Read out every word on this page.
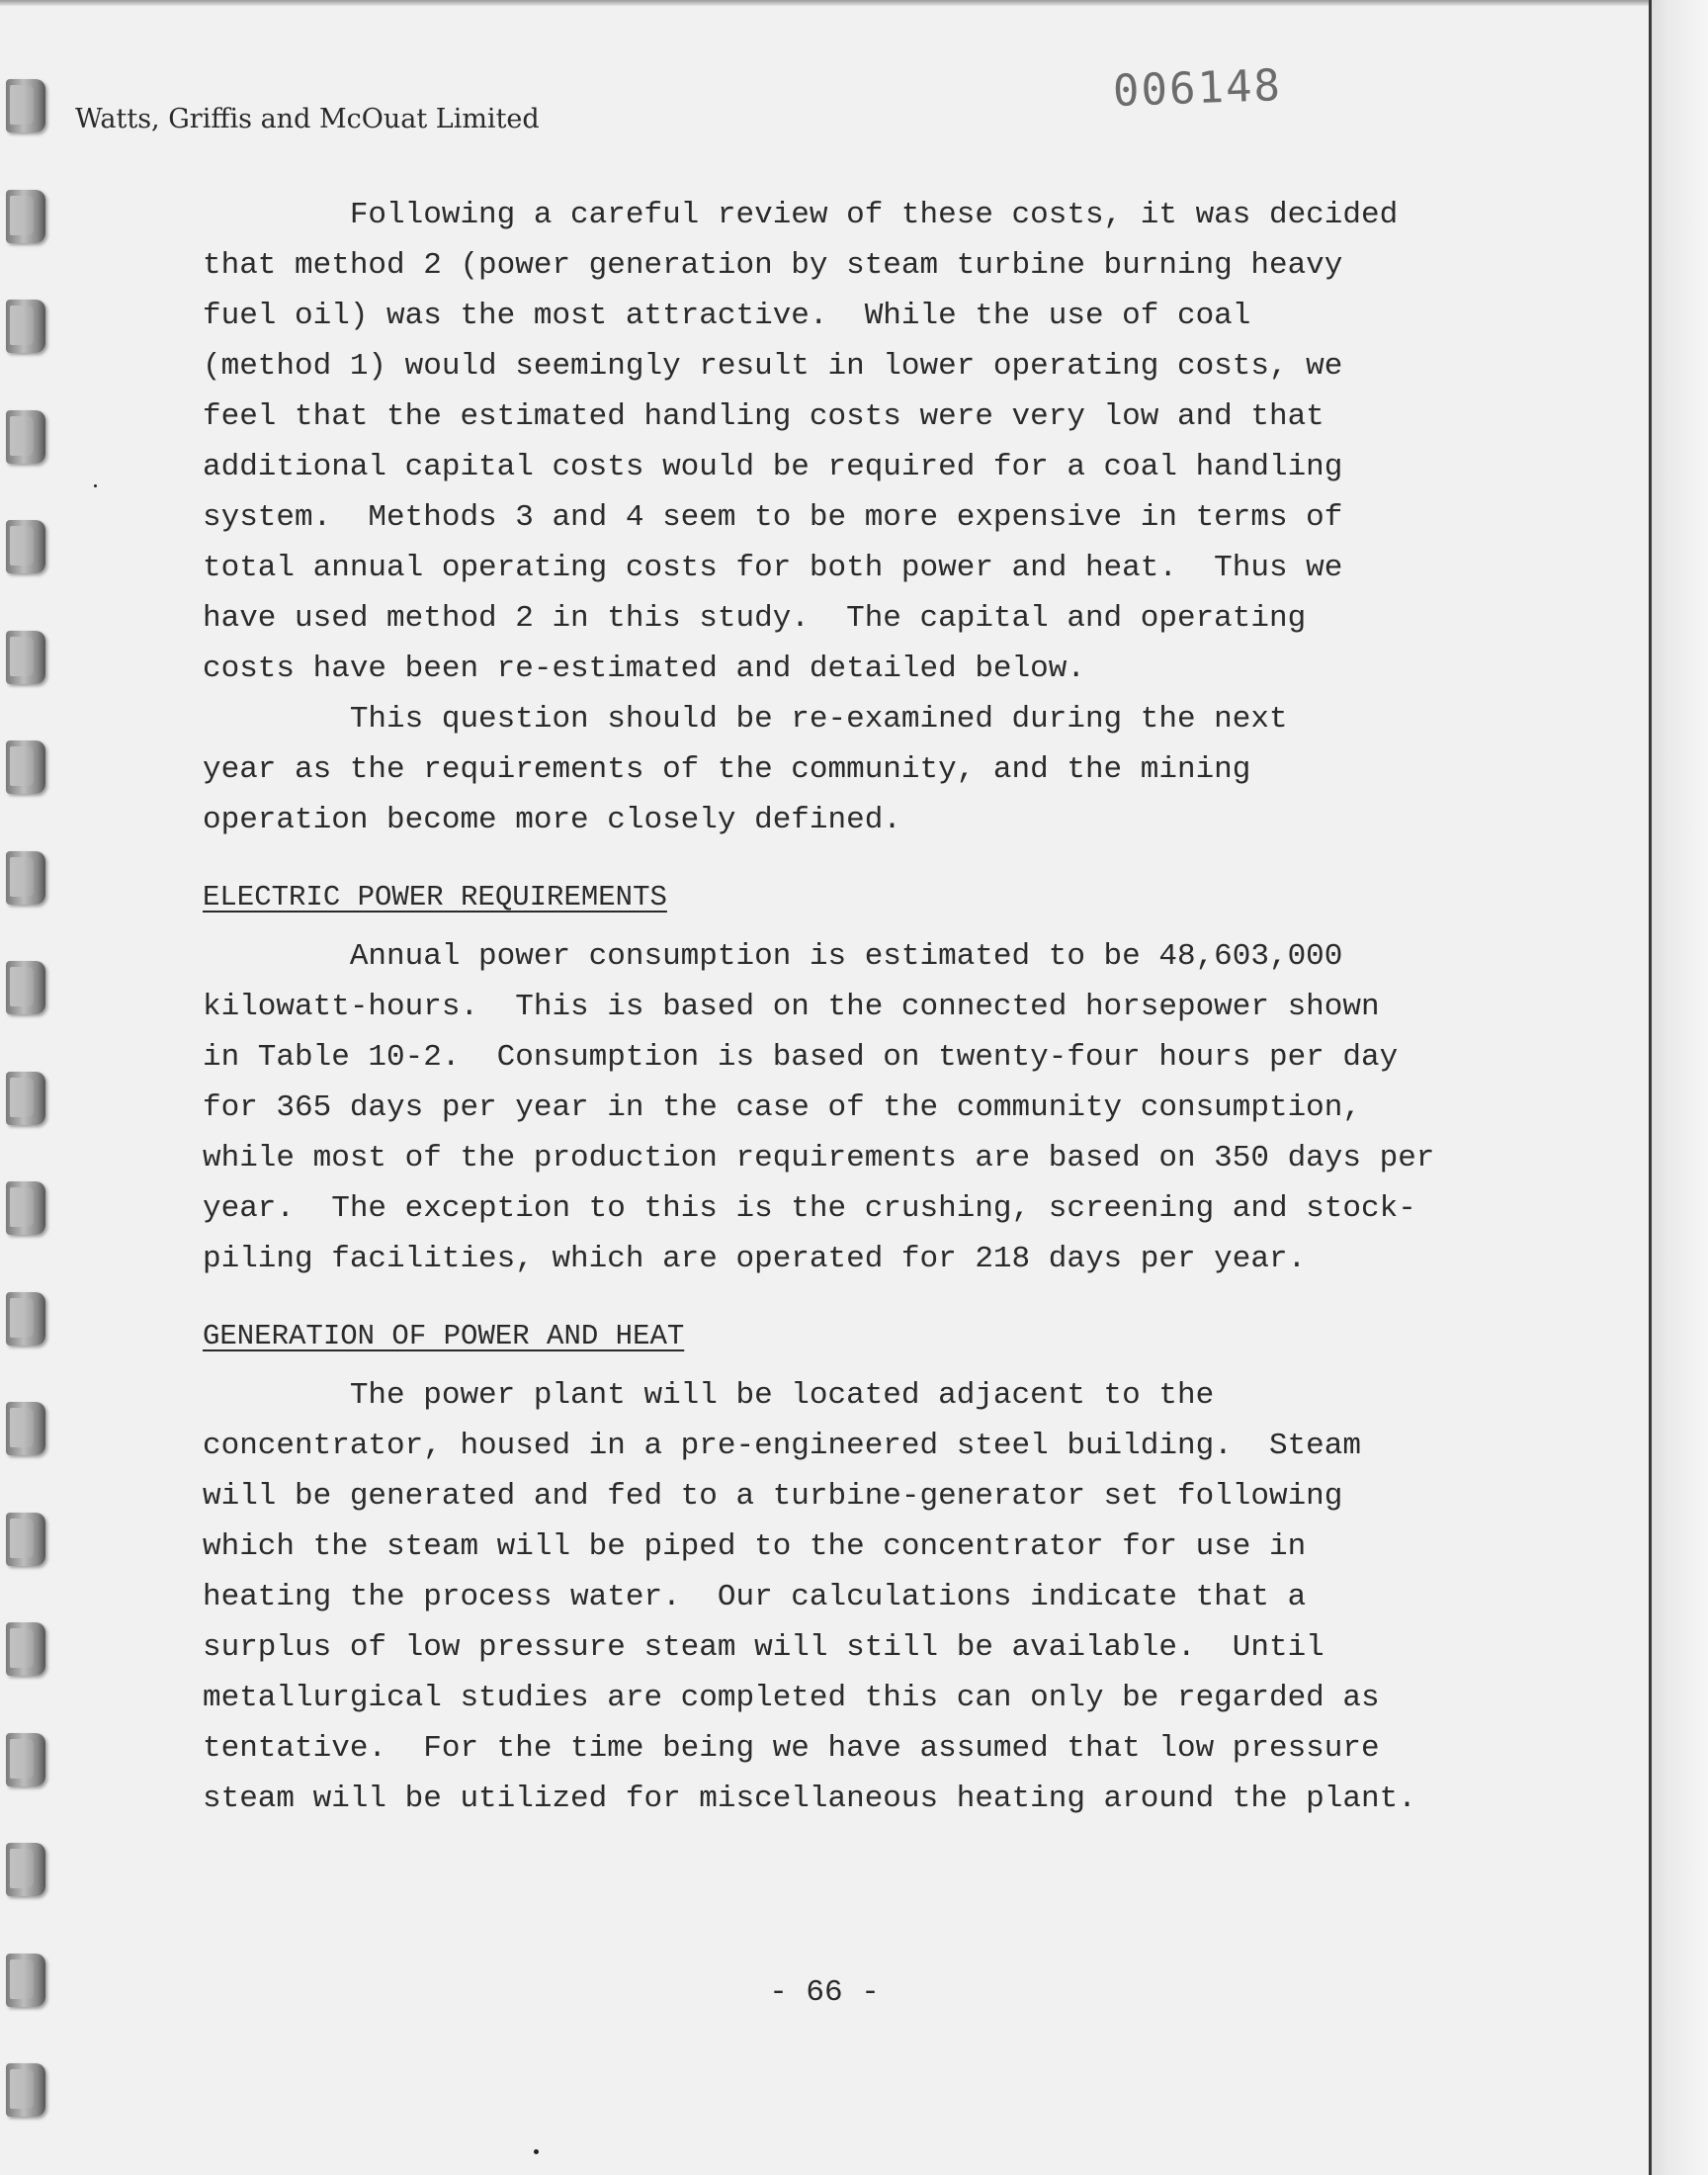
Watts, Griffis and McOuat Limited
006148
Following a careful review of these costs, it was decided
that method 2 (power generation by steam turbine burning heavy
fuel oil) was the most attractive.  While the use of coal
(method 1) would seemingly result in lower operating costs, we
feel that the estimated handling costs were very low and that
additional capital costs would be required for a coal handling
system.  Methods 3 and 4 seem to be more expensive in terms of
total annual operating costs for both power and heat.  Thus we
have used method 2 in this study.  The capital and operating
costs have been re-estimated and detailed below.
This question should be re-examined during the next
year as the requirements of the community, and the mining
operation become more closely defined.
ELECTRIC POWER REQUIREMENTS
Annual power consumption is estimated to be 48,603,000
kilowatt-hours.  This is based on the connected horsepower shown
in Table 10-2.  Consumption is based on twenty-four hours per day
for 365 days per year in the case of the community consumption,
while most of the production requirements are based on 350 days per
year.  The exception to this is the crushing, screening and stock-
piling facilities, which are operated for 218 days per year.
GENERATION OF POWER AND HEAT
The power plant will be located adjacent to the
concentrator, housed in a pre-engineered steel building.  Steam
will be generated and fed to a turbine-generator set following
which the steam will be piped to the concentrator for use in
heating the process water.  Our calculations indicate that a
surplus of low pressure steam will still be available.  Until
metallurgical studies are completed this can only be regarded as
tentative.  For the time being we have assumed that low pressure
steam will be utilized for miscellaneous heating around the plant.
- 66 -
